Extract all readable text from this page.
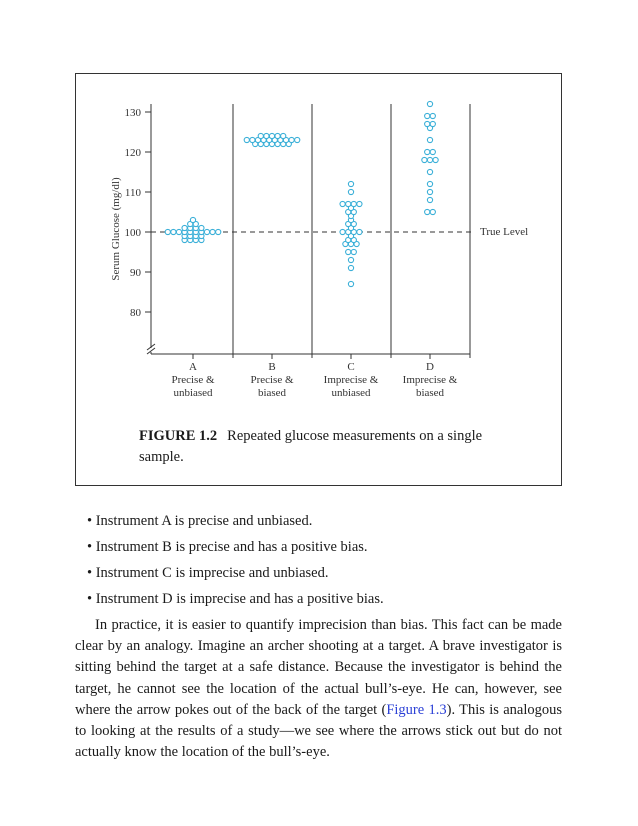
80
90
100
110
120
130
Serum Glucose (mg/dl)	True Level
A
Precise &
unbiased
B
Precise &
biased
C
Imprecise &
unbiased
D
Imprecise &
biased
FIGURE 1.2 Repeated glucose measurements on a single sample.
• Instrument A is precise and unbiased.
• Instrument B is precise and has a positive bias.
• Instrument C is imprecise and unbiased.
• Instrument D is imprecise and has a positive bias.

In practice, it is easier to quantify imprecision than bias. This fact can be made clear by an analogy. Imagine an archer shooting at a target. A brave investigator is sitting behind the target at a safe distance. Because the investigator is behind the target, he cannot see the location of the actual bull’s-eye. He can, however, see where the arrow pokes out of the back of the target (Figure 1.3). This is analogous to looking at the results of a study—we see where the arrows stick out but do not actually know the location of the bull’s-eye.
